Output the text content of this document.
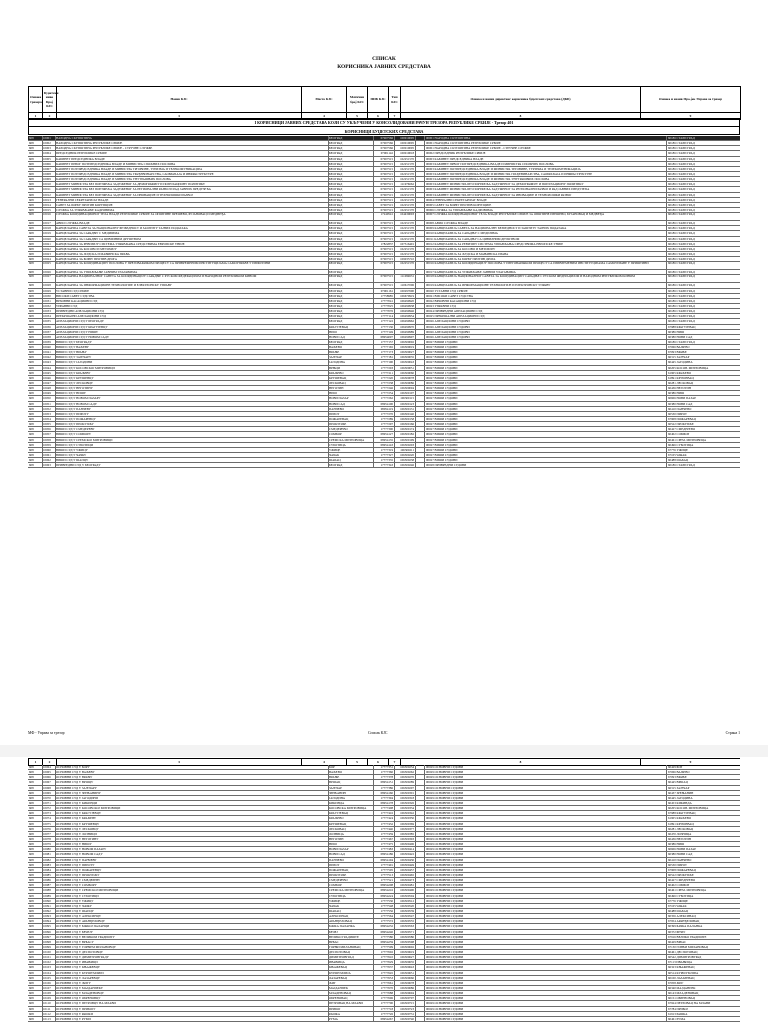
СПИСАК
КОРИСНИКА ЈАВНИХ СРЕДСТАВА
Ознака трезора	Буџетски ниво Број КЈС	Назив КЈС	Место КЈС	Матични број КЈС	ПИБ КЈС	Тип КЈС	Ознака и назив директног корисника буџетских средстава (ДКБ)	Ознака и назив Про-јек Управе за трезор
1	2	3	4	5	6	7	8	9
I КОРИСНИЦИ ЈАВНИХ СРЕДСТАВА КОЈИ СУ УКЉУЧЕНИ У КОНСОЛИДОВАНИ РАЧУН ТРЕЗОРА РЕПУБЛИКЕ СРБИЈЕ - Трезор 401
КОРИСНИЦИ БУЏЕТСКИХ СРЕДСТАВА
608	10001	НАРОДНА СКУПШТИНА	БЕОГРАД	07007566	100019095	00001 НАРОДНА СКУПШТИНА	60186 СТАРИ ГРАД
608	10002	НАРОДНА СКУПШТИНА РЕПУБЛИКЕ СРБИЈЕ	БЕОГРАД	07007566	100019095	00001 НАРОДНА СКУПШТИНА РЕПУБЛИКЕ СРБИЈЕ	60186 СТАРИ ГРАД
608	10003	НАРОДНА СКУПШТИНА РЕПУБЛИКЕ СРБИЈЕ - СТРУЧНЕ СЛУЖБЕ	БЕОГРАД	07007566	100019095	00001 НАРОДНА СКУПШТИНА РЕПУБЛИКЕ СРБИЈЕ - СТРУЧНЕ СЛУЖБЕ	60186 СТАРИ ГРАД
608	10004	ПРЕДСЕДНИК РЕПУБЛИКЕ СРБИЈЕ	БЕОГРАД	07001142	100019018	00002 ПРЕДСЕДНИК РЕПУБЛИКЕ СРБИЈЕ	60186 СТАРИ ГРАД
608	10005	КАБИНЕТ ПРЕДСЕДНИКА ВЛАДЕ	БЕОГРАД	07007515	102251570	00003 КАБИНЕТ ПРЕДСЕДНИКА ВЛАДЕ	60186 СТАРИ ГРАД
608	10006	КАБИНЕТ ПРВОГ ПОТПРЕДСЕДНИКА ВЛАДЕ И МИНИСТРА СПОЉНИХ ПОСЛОВА	БЕОГРАД	07007515	102251570	00003 КАБИНЕТ ПРВОГ ПОТПРЕДСЕДНИКА ВЛАДЕ И МИНИСТРА СПОЉНИХ ПОСЛОВА	60186 СТАРИ ГРАД
608	10007	КАБИНЕТ ПОТПРЕДСЕДНИКА ВЛАДЕ И МИНИСТРА ТРГОВИНЕ, ТУРИЗМА И ТЕЛЕКОМУНИКАЦИЈА	БЕОГРАД	07007515	102251570	00003 КАБИНЕТ ПОТПРЕДСЕДНИКА ВЛАДЕ И МИНИСТРА ТРГОВИНЕ, ТУРИЗМА И ТЕЛЕКОМУНИКАЦИЈА	60186 СТАРИ ГРАД
608	10008	КАБИНЕТ ПОТПРЕДСЕДНИКА ВЛАДЕ И МИНИСТРА ГРАЂЕВИНАРСТВА, САОБРАЋАЈА И ИНФРАСТРУКТУРЕ	БЕОГРАД	07007515	102251570	00003 КАБИНЕТ ПОТПРЕДСЕДНИКА ВЛАДЕ И МИНИСТРА ГРАЂЕВИНАРСТВА, САОБРАЋАЈА И ИНФРАСТРУКТУРЕ	60186 СТАРИ ГРАД
608	10009	КАБИНЕТ ПОТПРЕДСЕДНИКА ВЛАДЕ И МИНИСТРА УНУТРАШЊИХ ПОСЛОВА	БЕОГРАД	07007515	102251570	00003 КАБИНЕТ ПОТПРЕДСЕДНИКА ВЛАДЕ И МИНИСТРА УНУТРАШЊИХ ПОСЛОВА	60186 СТАРИ ГРАД
608	10010	КАБИНЕТ МИНИСТРА БЕЗ ПОРТФЕЉА ЗАДУЖЕНОГ ЗА ДЕМОГРАФИЈУ И ПОПУЛАЦИОНУ ПОЛИТИКУ	БЕОГРАД	07007515	111976662	00003 КАБИНЕТ МИНИСТРА БЕЗ ПОРТФЕЉА ЗАДУЖЕНОГ ЗА ДЕМОГРАФИЈУ И ПОПУЛАЦИОНУ ПОЛИТИКУ	60186 СТАРИ ГРАД
608	10011	КАБИНЕТ МИНИСТРА БЕЗ ПОРТФЕЉА ЗАДУЖЕНОГ ЗА РЕГИОНАЛНИ РАЗВОЈ И РАД ЈАВНИХ ПРЕДУЗЕЋА	БЕОГРАД	07007515	102251570	00003 КАБИНЕТ МИНИСТРА БЕЗ ПОРТФЕЉА ЗАДУЖЕНОГ ЗА РЕГИОНАЛНИ РАЗВОЈ И РАД ЈАВНИХ ПРЕДУЗЕЋА	60186 СТАРИ ГРАД
608	10012	КАБИНЕТ МИНИСТРА БЕЗ ПОРТФЕЉА ЗАДУЖЕНОГ ЗА ИНОВАЦИЈЕ И ТЕХНОЛОШКИ РАЗВОЈ	БЕОГРАД	07007515	102251570	00003 КАБИНЕТ МИНИСТРА БЕЗ ПОРТФЕЉА ЗАДУЖЕНОГ ЗА ИНОВАЦИЈЕ И ТЕХНОЛОШКИ РАЗВОЈ	60186 СТАРИ ГРАД
608	10013	ГЕНЕРАЛНИ СЕКРЕТАРИЈАТ ВЛАДЕ	БЕОГРАД	07007515	102251570	00004 ГЕНЕРАЛНИ СЕКРЕТАРИЈАТ ВЛАДЕ	60186 СТАРИ ГРАД
608	10014	САВЕТ ЗА БОРБУ ПРОТИВ КОРУПЦИЈЕ	БЕОГРАД	07007515	102251570	00005 САВЕТ ЗА БОРБУ ПРОТИВ КОРУПЦИЈЕ	60186 СТАРИ ГРАД
608	10015	СЛУЖБА ЗА УПРАВЉАЊЕ КАДРОВИМА	БЕОГРАД	07007515	102251570	00006 СЛУЖБА ЗА УПРАВЉАЊЕ КАДРОВИМА	60186 СТАРИ ГРАД
608	10016	СЛУЖБА КООРДИНАЦИОНОГ ТЕЛА ВЛАДЕ РЕПУБЛИКЕ СРБИЈЕ ЗА ОПШТИНЕ ПРЕШЕВО, БУЈАНОВАЦ И МЕДВЕЂА	БЕОГРАД	17249541	104439093	00007 СЛУЖБА КООРДИНАЦИОНОГ ТЕЛА ВЛАДЕ РЕПУБЛИКЕ СРБИЈЕ ЗА ОПШТИНЕ ПРЕШЕВО, БУЈАНОВАЦ И МЕДВЕЂА	60186 СТАРИ ГРАД
608	10017	АВИО СЛУЖБА ВЛАДЕ	БЕОГРАД	07007515	102251570	00008 АВИО СЛУЖБА ВЛАДЕ	60186 СТАРИ ГРАД
608	10018	КАНЦЕЛАРИЈА САВЕТА ЗА НАЦИОНАЛНУ БЕЗБЕДНОСТ И ЗАШТИТУ ТАЈНИХ ПОДАТАКА	БЕОГРАД	07007515	102251570	00009 КАНЦЕЛАРИЈА САВЕТА ЗА НАЦИОНАЛНУ БЕЗБЕДНОСТ И ЗАШТИТУ ТАЈНИХ ПОДАТАКА	60186 СТАРИ ГРАД
608	10019	КАНЦЕЛАРИЈА ЗА САРАДЊУ С МЕДИЈИМА	БЕОГРАД	07007515	102251570	00010 КАНЦЕЛАРИЈА ЗА САРАДЊУ С МЕДИЈИМА	60186 СТАРИ ГРАД
608	10020	КАНЦЕЛАРИЈА ЗА САРАДЊУ СА ЦИВИЛНИМ ДРУШТВОМ	БЕОГРАД	07007515	102251570	00011 КАНЦЕЛАРИЈА ЗА САРАДЊУ СА ЦИВИЛНИМ ДРУШТВОМ	60186 СТАРИ ГРАД
608	10021	КАНЦЕЛАРИЈА ЗА РЕВИЗИЈУ СИСТЕМА УПРАВЉАЊА СРЕДСТВИМА ЕВРОПСКЕ УНИЈЕ	БЕОГРАД	17822837	107316491	00012 КАНЦЕЛАРИЈА ЗА РЕВИЗИЈУ СИСТЕМА УПРАВЉАЊА СРЕДСТВИМА ЕВРОПСКЕ УНИЈЕ	60186 СТАРИ ГРАД
608	10022	КАНЦЕЛАРИЈА ЗА КОСОВО И МЕТОХИЈУ	БЕОГРАД	07007515	102251570	00013 КАНЦЕЛАРИЈА ЗА КОСОВО И МЕТОХИЈУ	60186 СТАРИ ГРАД
608	10023	КАНЦЕЛАРИЈА ЗА ЉУДСКА И МАЊИНСКА ПРАВА	БЕОГРАД	07007515	102251570	00014 КАНЦЕЛАРИЈА ЗА ЉУДСКА И МАЊИНСКА ПРАВА	60186 СТАРИ ГРАД
608	10024	КАНЦЕЛАРИЈА ЗА БОРБУ ПРОТИВ ДРОГА	БЕОГРАД	07007515	109035710	00015 КАНЦЕЛАРИЈА ЗА БОРБУ ПРОТИВ ДРОГА	60186 СТАРИ ГРАД
608	10025	КАНЦЕЛАРИЈА ЗА КООРДИНАЦИЈУ ПОСЛОВА У ПРЕГОВАРАЧКОМ ПРОЦЕСУ СА ПРИВРЕМЕНИМ ИНСТИТУЦИЈАМА САМОУПРАВЕ У ПРИШТИНИ	БЕОГРАД	07007515	102251570	00016 КАНЦЕЛАРИЈА ЗА КООРДИНАЦИЈУ ПОСЛОВА У ПРЕГОВАРАЧКОМ ПРОЦЕСУ СА ПРИВРЕМЕНИМ ИНСТИТУЦИЈАМА САМОУПРАВЕ У ПРИШТИНИ	60186 СТАРИ ГРАД
608	10026	КАНЦЕЛАРИЈА ЗА УПРАВЉАЊЕ ЈАВНИМ УЛАГАЊИМА	БЕОГРАД	00017 КАНЦЕЛАРИЈА ЗА УПРАВЉАЊЕ ЈАВНИМ УЛАГАЊИМА	60186 СТАРИ ГРАД
608	10027	КАНЦЕЛАРИЈА НАЦИОНАЛНОГ САВЕТА ЗА КООРДИНАЦИЈУ САРАДЊЕ С РУСКОМ ФЕДЕРАЦИЈОМ И НАРОДНОМ РЕПУБЛИКОМ КИНОМ	БЕОГРАД	07007515	111099631	00018 КАНЦЕЛАРИЈА НАЦИОНАЛНОГ САВЕТА ЗА КООРДИНАЦИЈУ САРАДЊЕ С РУСКОМ ФЕДЕРАЦИЈОМ И НАРОДНОМ РЕПУБЛИКОМ КИНОМ	60186 СТАРИ ГРАД
608	10028	КАНЦЕЛАРИЈА ЗА ИНФОРМАЦИОНЕ ТЕХНОЛОГИЈЕ И ЕЛЕКТРОНСКУ УПРАВУ	БЕОГРАД	07007515	110617006	00019 КАНЦЕЛАРИЈА ЗА ИНФОРМАЦИОНЕ ТЕХНОЛОГИЈЕ И ЕЛЕКТРОНСКУ УПРАВУ	60186 СТАРИ ГРАД
608	10029	УСТАВНИ СУД СРБИЈЕ	БЕОГРАД	07001161	100297690	00020 УСТАВНИ СУД СРБИЈЕ	60186 СТАРИ ГРАД
608	10030	ВИСОКИ САВЕТ СУДСТВА	БЕОГРАД	17758985	106679919	00021 ВИСОКИ САВЕТ СУДСТВА	60186 СТАРИ ГРАД
608	10031	ВРХОВНИ КАСАЦИОНИ СУД	БЕОГРАД	17777041	106299920	00022 ВРХОВНИ КАСАЦИОНИ СУД	60186 СТАРИ ГРАД
608	10032	УПРАВНИ СУД	БЕОГРАД	17777025	106299938	00023 УПРАВНИ СУД	60186 СТАРИ ГРАД
608	10033	ПРИВРЕДНИ АПЕЛАЦИОНИ СУД	БЕОГРАД	17777076	106299946	00024 ПРИВРЕДНИ АПЕЛАЦИОНИ СУД	60186 СТАРИ ГРАД
608	10034	ПРЕКРШАЈНИ АПЕЛАЦИОНИ СУД	БЕОГРАД	17777114	106299954	00025 ПРЕКРШАЈНИ АПЕЛАЦИОНИ СУД	60186 СТАРИ ГРАД
608	10035	АПЕЛАЦИОНИ СУД У БЕОГРАДУ	БЕОГРАД	17777122	106299962	00026 АПЕЛАЦИОНИ СУДОВИ	60186 СТАРИ ГРАД
608	10036	АПЕЛАЦИОНИ СУД У КРАГУЈЕВЦУ	КРАГУЈЕВАЦ	17777130	106299970	00026 АПЕЛАЦИОНИ СУДОВИ	67988 КРАГУЈЕВАЦ
608	10037	АПЕЛАЦИОНИ СУД У НИШУ	НИШ	17777149	106299989	00026 АПЕЛАЦИОНИ СУДОВИ	60386 НИШ
608	10038	АПЕЛАЦИОНИ СУД У НОВОМ САДУ	НОВИ САД	08954097	106299997	00026 АПЕЛАЦИОНИ СУДОВИ	60380 НОВИ САД
608	10039	ВИШИ СУД У БЕОГРАДУ	БЕОГРАД	17777157	106300002	00027 ВИШИ СУДОВИ	60186 СТАРИ ГРАД
608	10040	ВИШИ СУД У ВАЉЕВУ	ВАЉЕВО	17777165	106300019	00027 ВИШИ СУДОВИ	67066 ВАЉЕВО
608	10041	ВИШИ СУД У ВРАЊУ	ВРАЊЕ	17777173	106300027	00027 ВИШИ СУДОВИ	67093 ВРАЊЕ
608	10042	ВИШИ СУД У ЗАЈЕЧАРУ	ЗАЈЕЧАР	17777181	106300035	00027 ВИШИ СУДОВИ	66315 ЗАЈЕЧАР
608	10043	ВИШИ СУД У ЈАГОДИНИ	ЈАГОДИНА	17777190	106300043	00027 ВИШИ СУДОВИ	60445 ЈАГОДИНА
608	10044	ВИШИ СУД У КОСОВСКОЈ МИТРОВИЦИ	ВРЊЦИ	17777203	106300051	00027 ВИШИ СУДОВИ	60205 КОСОВ. МИТРОВИЦА
608	10045	ВИШИ СУД У КРАЉЕВУ	КРАЉЕВО	17777211	106300060	00027 ВИШИ СУДОВИ	61905 КРАЉЕВО
608	10046	ВИШИ СУД У КРУШЕВЦУ	КРУШЕВАЦ	17777220	106300078	00027 ВИШИ СУДОВИ	61891 КРУШЕВАЦ
608	10047	ВИШИ СУД У ЛЕСКОВЦУ	ЛЕСКОВАЦ	17777238	106300086	00027 ВИШИ СУДОВИ	60281 ЛЕСКОВАЦ
608	10048	ВИШИ СУД У НЕГОТИНУ	НЕГОТИН	17777246	106300094	00027 ВИШИ СУДОВИ	60436 НЕГОТИН
608	10049	ВИШИ СУД У НИШУ	НИШ	17777254	106300107	00027 ВИШИ СУДОВИ	60386 НИШ
608	10050	ВИШИ СУД У НОВОМ ПАЗАРУ	НОВИ ПАЗАР	17777262	106300115	00027 ВИШИ СУДОВИ	60606 НОВИ ПАЗАР
608	10051	ВИШИ СУД У НОВОМ САДУ	НОВИ САД	08954100	106300123	00027 ВИШИ СУДОВИ	60380 НОВИ САД
608	10052	ВИШИ СУД У ПАНЧЕВУ	ПАНЧЕВО	08954119	106300131	00027 ВИШИ СУДОВИ	60410 ПАНЧЕВО
608	10053	ВИШИ СУД У ПИРОТУ	ПИРОТ	17777270	106300140	00027 ВИШИ СУДОВИ	60530 ПИРОТ
608	10054	ВИШИ СУД У ПОЖАРЕВЦУ	ПОЖАРЕВАЦ	17777289	106300158	00027 ВИШИ СУДОВИ	67908 ПОЖАРЕВАЦ
608	10055	ВИШИ СУД У ПРОКУПЉУ	ПРОКУПЉЕ	17777297	106300166	00027 ВИШИ СУДОВИ	60522 ПРОКУПЉЕ
608	10056	ВИШИ СУД У СМЕДЕРЕВУ	СМЕДЕРЕВО	17777300	106300174	00027 ВИШИ СУДОВИ	60427 СМЕДЕРЕВО
608	10057	ВИШИ СУД У СОМБОРУ	СОМБОР	08954127	106300182	00027 ВИШИ СУДОВИ	60402 СОМБОР
608	10058	ВИШИ СУД У СРЕМСКОЈ МИТРОВИЦИ	СРЕМСКА МИТРОВИЦА	08954135	106300199	00027 ВИШИ СУДОВИ	60461 СРЕМ. МИТРОВИЦА
608	10059	ВИШИ СУД У СУБОТИЦИ	СУБОТИЦА	08954143	106300203	00027 ВИШИ СУДОВИ	60496 СУБОТИЦА
608	10060	ВИШИ СУД У УЖИЦУ	УЖИЦЕ	17777319	106300211	00027 ВИШИ СУДОВИ	67776 УЖИЦЕ
608	10061	ВИШИ СУД У ЧАЧКУ	ЧАЧАК	17777327	106300220	00027 ВИШИ СУДОВИ	67105 ЧАЧАК
608	10062	ВИШИ СУД У ШАПЦУ	ШАБАЦ	17777335	106300238	00027 ВИШИ СУДОВИ	60488 ШАБАЦ
608	10063	ПРИВРЕДНИ СУД У БЕОГРАДУ	БЕОГРАД	17777343	106300246	00028 ПРИВРЕДНИ СУДОВИ	60186 СТАРИ ГРАД
МФ - Управа за трезор	Списак КЈС	Страна 1
1	2	3	4	5	6	7	8	9
608	10064	ОСНОВНИ СУД У БОРУ	БОР	17777351	106300254	00029 ОСНОВНИ СУДОВИ	60429 БОР
608	10065	ОСНОВНИ СУД У ВАЉЕВУ	ВАЉЕВО	17777360	106300262	00029 ОСНОВНИ СУДОВИ	67066 ВАЉЕВО
608	10066	ОСНОВНИ СУД У ВРАЊУ	ВРАЊЕ	17777378	106300270	00029 ОСНОВНИ СУДОВИ	67093 ВРАЊЕ
608	10067	ОСНОВНИ СУД У ВРШЦУ	ВРШАЦ	08954151	106300289	00029 ОСНОВНИ СУДОВИ	60445 ВРШАЦ
608	10068	ОСНОВНИ СУД У ЗАЈЕЧАРУ	ЗАЈЕЧАР	17777386	106300297	00029 ОСНОВНИ СУДОВИ	66315 ЗАЈЕЧАР
608	10069	ОСНОВНИ СУД У ЗРЕЊАНИНУ	ЗРЕЊАНИН	08954160	106300301	00029 ОСНОВНИ СУДОВИ	60437 ЗРЕЊАНИН
608	10070	ОСНОВНИ СУД У ЈАГОДИНИ	ЈАГОДИНА	17777394	106300318	00029 ОСНОВНИ СУДОВИ	60445 ЈАГОДИНА
608	10071	ОСНОВНИ СУД У КИКИНДИ	КИКИНДА	08954178	106300326	00029 ОСНОВНИ СУДОВИ	60453 КИКИНДА
608	10072	ОСНОВНИ СУД У КОСОВСКОЈ МИТРОВИЦИ	КОСОВСКА МИТРОВИЦА	17777408	106300334	00029 ОСНОВНИ СУДОВИ	60205 КОСОВ. МИТРОВИЦА
608	10073	ОСНОВНИ СУД У КРАГУЈЕВЦУ	КРАГУЈЕВАЦ	17777416	106300342	00029 ОСНОВНИ СУДОВИ	67988 КРАГУЈЕВАЦ
608	10074	ОСНОВНИ СУД У КРАЉЕВУ	КРАЉЕВО	17777424	106300350	00029 ОСНОВНИ СУДОВИ	61905 КРАЉЕВО
608	10075	ОСНОВНИ СУД У КРУШЕВЦУ	КРУШЕВАЦ	17777432	106300369	00029 ОСНОВНИ СУДОВИ	61891 КРУШЕВАЦ
608	10076	ОСНОВНИ СУД У ЛЕСКОВЦУ	ЛЕСКОВАЦ	17777440	106300377	00029 ОСНОВНИ СУДОВИ	60281 ЛЕСКОВАЦ
608	10077	ОСНОВНИ СУД У ЛОЗНИЦИ	ЛОЗНИЦА	17777459	106300385	00029 ОСНОВНИ СУДОВИ	60470 ЛОЗНИЦА
608	10078	ОСНОВНИ СУД У НЕГОТИНУ	НЕГОТИН	17777467	106300393	00029 ОСНОВНИ СУДОВИ	60436 НЕГОТИН
608	10079	ОСНОВНИ СУД У НИШУ	НИШ	17777475	106300406	00029 ОСНОВНИ СУДОВИ	60386 НИШ
608	10080	ОСНОВНИ СУД У НОВОМ ПАЗАРУ	НОВИ ПАЗАР	17777483	106300414	00029 ОСНОВНИ СУДОВИ	60606 НОВИ ПАЗАР
608	10081	ОСНОВНИ СУД У НОВОМ САДУ	НОВИ САД	08954186	106300422	00029 ОСНОВНИ СУДОВИ	60380 НОВИ САД
608	10082	ОСНОВНИ СУД У ПАНЧЕВУ	ПАНЧЕВО	08954194	106300430	00029 ОСНОВНИ СУДОВИ	60410 ПАНЧЕВО
608	10083	ОСНОВНИ СУД У ПИРОТУ	ПИРОТ	17777491	106300449	00029 ОСНОВНИ СУДОВИ	60530 ПИРОТ
608	10084	ОСНОВНИ СУД У ПОЖАРЕВЦУ	ПОЖАРЕВАЦ	17777505	106300457	00029 ОСНОВНИ СУДОВИ	67908 ПОЖАРЕВАЦ
608	10085	ОСНОВНИ СУД У ПРОКУПЉУ	ПРОКУПЉЕ	17777513	106300465	00029 ОСНОВНИ СУДОВИ	60522 ПРОКУПЉЕ
608	10086	ОСНОВНИ СУД У СМЕДЕРЕВУ	СМЕДЕРЕВО	17777521	106300473	00029 ОСНОВНИ СУДОВИ	60427 СМЕДЕРЕВО
608	10087	ОСНОВНИ СУД У СОМБОРУ	СОМБОР	08954208	106300481	00029 ОСНОВНИ СУДОВИ	60402 СОМБОР
608	10088	ОСНОВНИ СУД У СРЕМСКОЈ МИТРОВИЦИ	СРЕМСКА МИТРОВИЦА	08954216	106300490	00029 ОСНОВНИ СУДОВИ	60461 СРЕМ. МИТРОВИЦА
608	10089	ОСНОВНИ СУД У СУБОТИЦИ	СУБОТИЦА	08954224	106300504	00029 ОСНОВНИ СУДОВИ	60496 СУБОТИЦА
608	10090	ОСНОВНИ СУД У УЖИЦУ	УЖИЦЕ	17777530	106300512	00029 ОСНОВНИ СУДОВИ	67776 УЖИЦЕ
608	10091	ОСНОВНИ СУД У ЧАЧКУ	ЧАЧАК	17777548	106300520	00029 ОСНОВНИ СУДОВИ	67105 ЧАЧАК
608	10092	ОСНОВНИ СУД У ШАПЦУ	ШАБАЦ	17777556	106300539	00029 ОСНОВНИ СУДОВИ	60488 ШАБАЦ
608	10093	ОСНОВНИ СУД У АЛЕКСИНЦУ	АЛЕКСИНАЦ	17777564	106300547	00029 ОСНОВНИ СУДОВИ	60356 АЛЕКСИНАЦ
608	10094	ОСНОВНИ СУД У АРАНЂЕЛОВЦУ	АРАНЂЕЛОВАЦ	17777572	106300555	00029 ОСНОВНИ СУДОВИ	67954 АРАНЂЕЛОВАЦ
608	10095	ОСНОВНИ СУД У БАЧКОЈ ПАЛАНЦИ	БАЧКА ПАЛАНКА	08954232	106300563	00029 ОСНОВНИ СУДОВИ	60399 БАЧКА ПАЛАНКА
608	10096	ОСНОВНИ СУД У БЕЧЕЈУ	БЕЧЕЈ	08954240	106300571	00029 ОСНОВНИ СУДОВИ	60372 БЕЧЕЈ
608	10097	ОСНОВНИ СУД У ВЕЛИКОМ ГРАДИШТУ	ВЕЛИКО ГРАДИШТЕ	17777580	106300580	00029 ОСНОВНИ СУДОВИ	67916 ВЕЛИКО ГРАДИШТЕ
608	10098	ОСНОВНИ СУД У ВРБАСУ	ВРБАС	08954259	106300598	00029 ОСНОВНИ СУДОВИ	60429 ВРБАС
608	10099	ОСНОВНИ СУД У ГОРЊЕМ МИЛАНОВЦУ	ГОРЊИ МИЛАНОВАЦ	17777599	106300602	00029 ОСНОВНИ СУДОВИ	67130 ГОРЊИ МИЛАНОВАЦ
608	10100	ОСНОВНИ СУД У ДЕСПОТОВЦУ	ДЕСПОТОВАЦ	17777602	106300619	00029 ОСНОВНИ СУДОВИ	60461 ДЕСПОТОВАЦ
608	10101	ОСНОВНИ СУД У ДИМИТРОВГРАДУ	ДИМИТРОВГРАД	17777610	106300627	00029 ОСНОВНИ СУДОВИ	60542 ДИМИТРОВГРАД
608	10102	ОСНОВНИ СУД У ИВАЊИЦИ	ИВАЊИЦА	17777629	106300635	00029 ОСНОВНИ СУДОВИ	67113 ИВАЊИЦА
608	10103	ОСНОВНИ СУД У КЊАЖЕВЦУ	КЊАЖЕВАЦ	17777637	106300643	00029 ОСНОВНИ СУДОВИ	66323 КЊАЖЕВАЦ
608	10104	ОСНОВНИ СУД У КУРШУМЛИЈИ	КУРШУМЛИЈА	17777645	106300651	00029 ОСНОВНИ СУДОВИ	60514 КУРШУМЛИЈА
608	10105	ОСНОВНИ СУД У ЛАЗАРЕВЦУ	ЛАЗАРЕВАЦ	17777653	106300660	00029 ОСНОВНИ СУДОВИ	60100 ЛАЗАРЕВАЦ
608	10106	ОСНОВНИ СУД У ЉИГУ	ЉИГ	17777661	106300678	00029 ОСНОВНИ СУДОВИ	67058 ЉИГ
608	10107	ОСНОВНИ СУД У МАЈДАНПЕКУ	МАЈДАНПЕК	17777670	106300686	00029 ОСНОВНИ СУДОВИ	66340 МАЈДАНПЕК
608	10108	ОСНОВНИ СУД У МЛАДЕНОВЦУ	МЛАДЕНОВАЦ	17777688	106300694	00029 ОСНОВНИ СУДОВИ	60143 МЛАДЕНОВАЦ
608	10109	ОСНОВНИ СУД У ОБРЕНОВЦУ	ОБРЕНОВАЦ	17777696	106300707	00029 ОСНОВНИ СУДОВИ	60151 ОБРЕНОВАЦ
608	10110	ОСНОВНИ СУД У ПЕТРОВЦУ НА МЛАВИ	ПЕТРОВАЦ НА МЛАВИ	17777700	106300715	00029 ОСНОВНИ СУДОВИ	67924 ПЕТРОВАЦ НА МЛАВИ
608	10111	ОСНОВНИ СУД У ПРИБОЈУ	ПРИБОЈ	17777718	106300723	00029 ОСНОВНИ СУДОВИ	67784 ПРИБОЈ
608	10112	ОСНОВНИ СУД У РАШКИ	РАШКА	17777726	106300731	00029 ОСНОВНИ СУДОВИ	61913 РАШКА
608	10113	ОСНОВНИ СУД У РУМИ	РУМА	08954267	106300740	00029 ОСНОВНИ СУДОВИ	60461 РУМА
